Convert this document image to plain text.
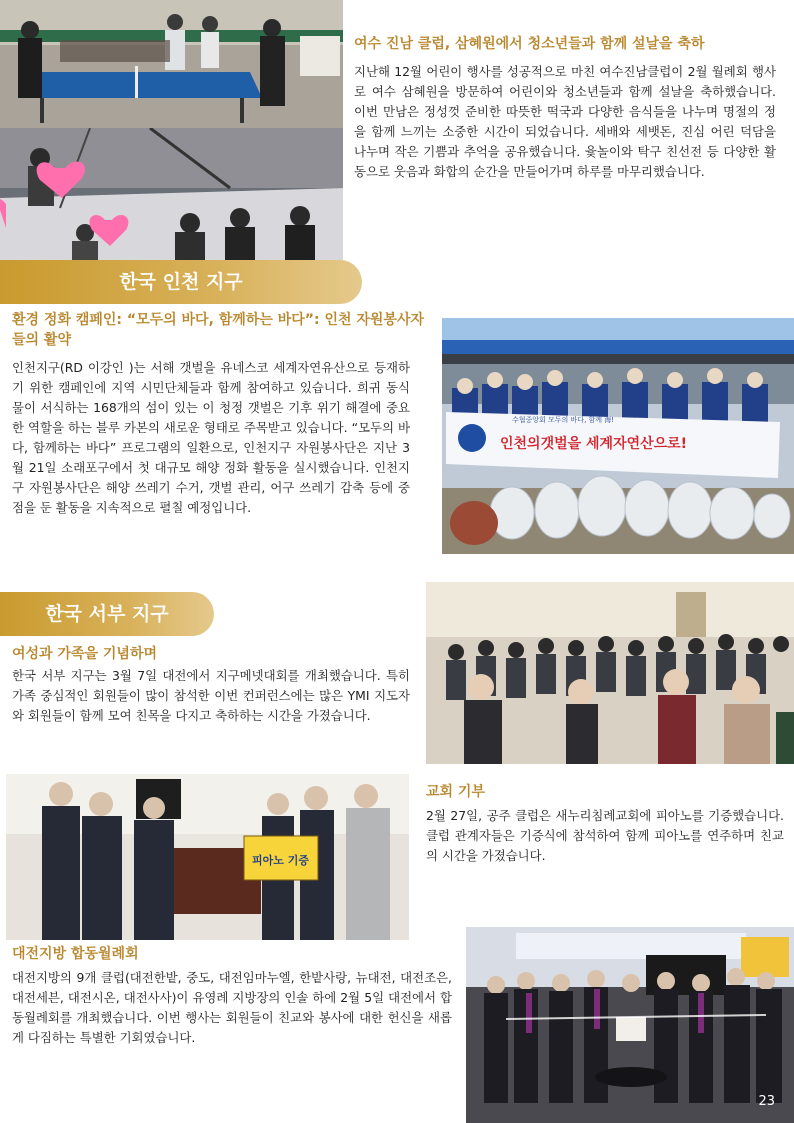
여수 진남 클럽, 삼혜원에서 청소년들과 함께 설날을 축하
지난해 12월 어린이 행사를 성공적으로 마친 여수진남클럽이 2월 월례회 행사로 여수 삼혜원을 방문하여 어린이와 청소년들과 함께 설날을 축하했습니다. 이번 만남은 정성껏 준비한 따뜻한 떡국과 다양한 음식들을 나누며 명절의 정을 함께 느끼는 소중한 시간이 되었습니다. 세배와 세뱃돈, 진심 어린 덕담을 나누며 작은 기쁨과 추억을 공유했습니다. 윷놀이와 탁구 친선전 등 다양한 활동으로 웃음과 화합의 순간을 만들어가며 하루를 마무리했습니다.
한국 인천 지구
환경 정화 캠페인: “모두의 바다, 함께하는 바다”: 인천 자원봉사자들의 활약
인천지구(RD 이강인 )는 서해 갯벌을 유네스코 세계자연유산으로 등재하기 위한 캠페인에 지역 시민단체들과 함께 참여하고 있습니다. 희귀 동식물이 서식하는 168개의 섬이 있는 이 청정 갯벌은 기후 위기 해결에 중요한 역할을 하는 블루 카본의 새로운 형태로 주목받고 있습니다. “모두의 바다, 함께하는 바다” 프로그램의 일환으로, 인천지구 자원봉사단은 지난 3월 21일 소래포구에서 첫 대규모 해양 정화 활동을 실시했습니다. 인천지구 자원봉사단은 해양 쓰레기 수거, 갯벌 관리, 어구 쓰레기 감축 등에 중점을 둔 활동을 지속적으로 펼칠 예정입니다.
수협중앙회 모두의 바다, 함께 海!
인천의갯벌을 세계자연산으로!
한국 서부 지구
여성과 가족을 기념하며
한국 서부 지구는 3월 7일 대전에서 지구메넷대회를 개최했습니다. 특히 가족 중심적인 회원들이 많이 참석한 이번 컨퍼런스에는 많은 YMI 지도자와 회원들이 함께 모여 친목을 다지고 축하하는 시간을 가졌습니다.
피아노 기증
교회 기부
2월 27일, 공주 클럽은 새누리침례교회에 피아노를 기증했습니다. 클럽 관계자들은 기증식에 참석하여 함께 피아노를 연주하며 친교의 시간을 가졌습니다.
대전지방 합동월례회
대전지방의 9개 클럽(대전한밭, 중도, 대전임마누엘, 한밭사랑, 뉴대전, 대전조은, 대전세븐, 대전시온, 대전사사)이 유영례 지방장의 인솔 하에 2월 5일 대전에서 합동월례회를 개최했습니다. 이번 행사는 회원들이 친교와 봉사에 대한 헌신을 새롭게 다짐하는 특별한 기회였습니다.
23
